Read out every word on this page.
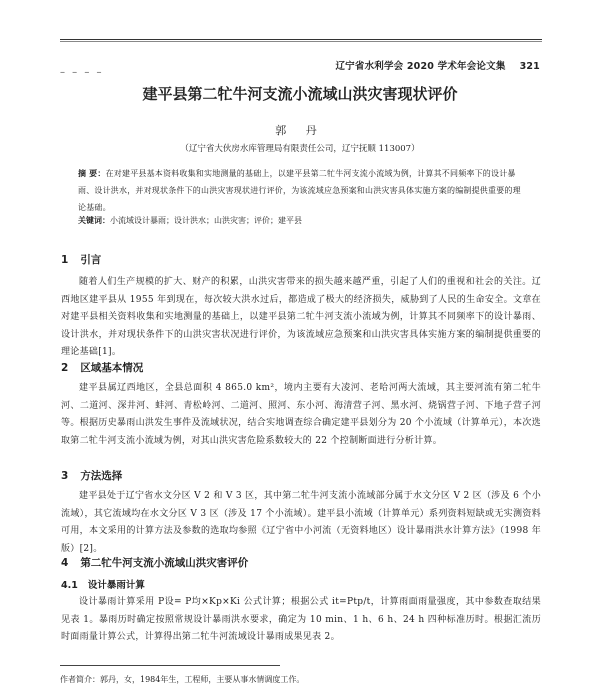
– – – –
辽宁省水利学会 2020 学术年会论文集 321
建平县第二牤牛河支流小流域山洪灾害现状评价
郭 丹
（辽宁省大伙房水库管理局有限责任公司，辽宁抚顺 113007）
摘 要：在对建平县基本资料收集和实地测量的基础上，以建平县第二牤牛河支流小流域为例，计算其不同频率下的设计暴雨、设计洪水，并对现状条件下的山洪灾害现状进行评价，为该流域应急预案和山洪灾害具体实施方案的编制提供重要的理论基础。
关键词：小流域设计暴雨；设计洪水；山洪灾害；评价；建平县
1 引言
随着人们生产规模的扩大、财产的积累，山洪灾害带来的损失越来越严重，引起了人们的重视和社会的关注。辽西地区建平县从 1955 年到现在，每次较大洪水过后，都造成了极大的经济损失，威胁到了人民的生命安全。文章在对建平县相关资料收集和实地测量的基础上，以建平县第二牤牛河支流小流域为例，计算其不同频率下的设计暴雨、设计洪水，并对现状条件下的山洪灾害状况进行评价，为该流域应急预案和山洪灾害具体实施方案的编制提供重要的理论基础[1]。
2 区域基本情况
建平县属辽西地区，全县总面积 4 865.0 km²，境内主要有大凌河、老哈河两大流域，其主要河流有第二牤牛河、二道河、深井河、蚌河、青松岭河、二道河、照河、东小河、海清营子河、黑水河、烧锅营子河、下地子营子河等。根据历史暴雨山洪发生事件及流域状况，结合实地调查综合确定建平县划分为 20 个小流域（计算单元），本次选取第二牤牛河支流小流域为例，对其山洪灾害危险系数较大的 22 个控制断面进行分析计算。
3 方法选择
建平县处于辽宁省水文分区 V 2 和 V 3 区，其中第二牤牛河支流小流域部分属于水文分区 V 2 区（涉及 6 个小流域），其它流域均在水文分区 V 3 区（涉及 17 个小流域）。建平县小流域（计算单元）系列资料短缺或无实测资料可用，本文采用的计算方法及参数的选取均参照《辽宁省中小河流（无资料地区）设计暴雨洪水计算方法》（1998 年版）[2]。
4 第二牤牛河支流小流域山洪灾害评价
4.1 设计暴雨计算
设计暴雨计算采用 P设= P均×Kp×Ki 公式计算；根据公式 it=Ptp/t，计算雨面雨量强度，其中参数查取结果见表 1。暴雨历时确定按照常规设计暴雨洪水要求，确定为 10 min、1 h、6 h、24 h 四种标准历时。根据汇流历时面雨量计算公式，计算得出第二牤牛河流域设计暴雨成果见表 2。
作者简介：郭丹，女，1984年生，工程师，主要从事水情调度工作。
